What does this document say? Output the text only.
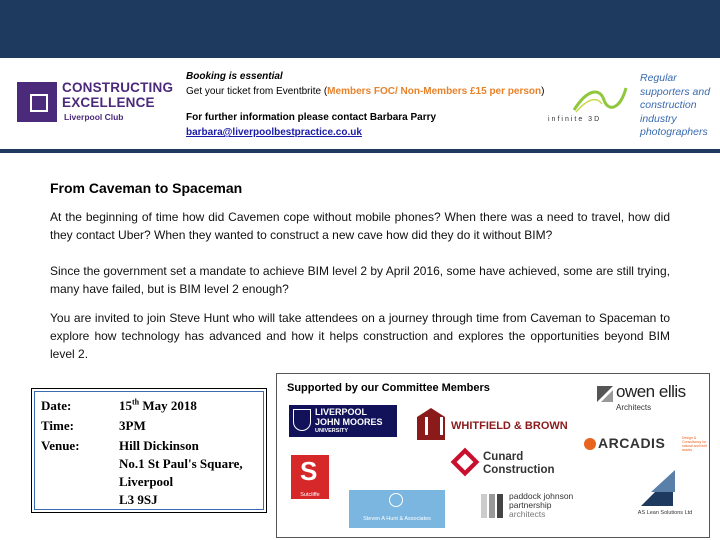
CONSTRUCTING
EXCELLENCE
Liverpool Club
Booking is essential
Get your ticket from Eventbrite (Members FOC/ Non-Members £15 per person)
For further information please contact Barbara Parry
barbara@liverpoolbestpractice.co.uk
infinite 3D
Regular supporters and construction industry photographers
From Caveman to Spaceman
At the beginning of time how did Cavemen cope without mobile phones? When there was a need to travel, how did they contact Uber? When they wanted to construct a new cave how did they do it without BIM?
Since the government set a mandate to achieve BIM level 2 by April 2016, some have achieved, some are still trying, many have failed, but is BIM level 2 enough?
You are invited to join Steve Hunt who will take attendees on a journey through time from Caveman to Spaceman to explore how technology has advanced and how it helps construction and explores the opportunities beyond BIM level 2.
Date:	15th May 2018
Time:	3PM
Venue:	Hill Dickinson
No.1 St Paul's Square,
Liverpool
L3 9SJ
Supported by our Committee Members	owen ellis
Architects
LIVERPOOL
JOHN MOORES
UNIVERSITY	WHITFIELD & BROWN
ARCADIS	Design & Consultancy for natural and built assets
Cunard
Construction
S
Sutcliffe
Steven A Hunt & Associates
paddock johnson
partnership
architects	AS Lean Solutions Ltd
